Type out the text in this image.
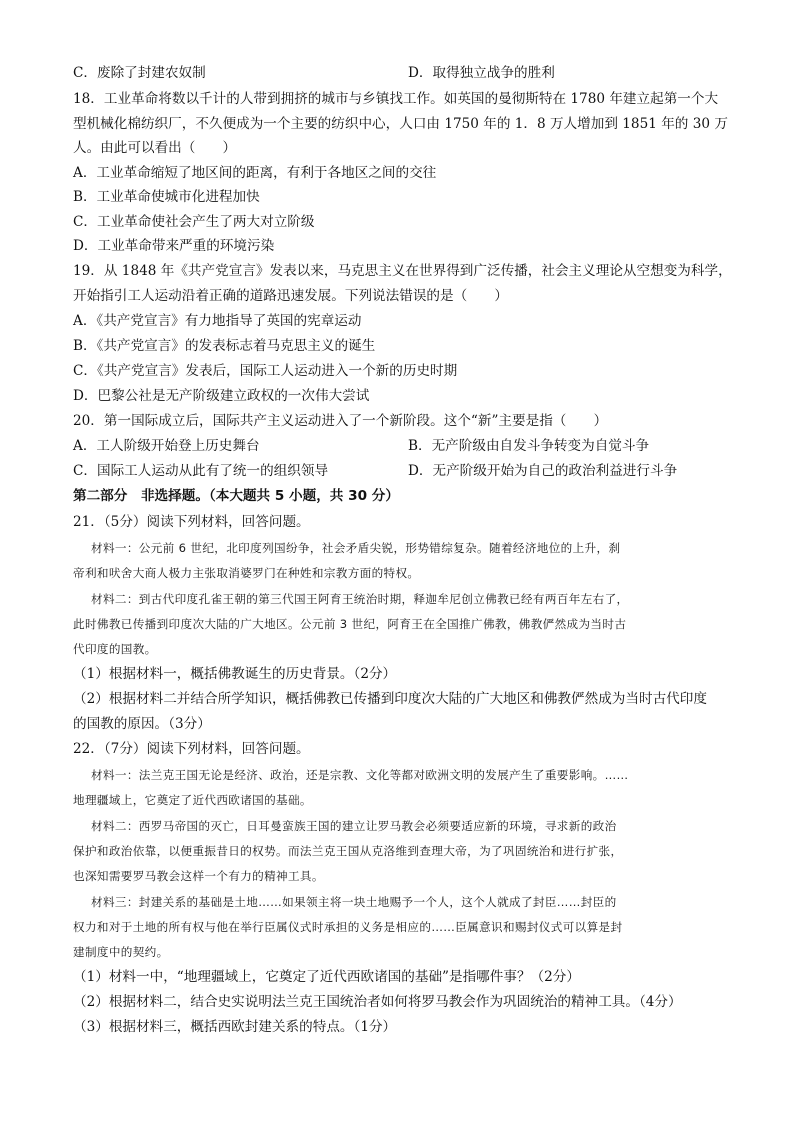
C．废除了封建农奴制	D．取得独立战争的胜利
18．工业革命将数以千计的人带到拥挤的城市与乡镇找工作。如英国的曼彻斯特在 1780 年建立起第一个大
型机械化棉纺织厂，不久便成为一个主要的纺织中心，人口由 1750 年的 1．8 万人增加到 1851 年的 30 万
人。由此可以看出（　　）
A．工业革命缩短了地区间的距离，有利于各地区之间的交往
B．工业革命使城市化进程加快
C．工业革命使社会产生了两大对立阶级
D．工业革命带来严重的环境污染
19．从 1848 年《共产党宣言》发表以来，马克思主义在世界得到广泛传播，社会主义理论从空想变为科学，
开始指引工人运动沿着正确的道路迅速发展。下列说法错误的是（　　）
A．《共产党宣言》有力地指导了英国的宪章运动
B．《共产党宣言》的发表标志着马克思主义的诞生
C．《共产党宣言》发表后，国际工人运动进入一个新的历史时期
D．巴黎公社是无产阶级建立政权的一次伟大尝试
20．第一国际成立后，国际共产主义运动进入了一个新阶段。这个“新”主要是指（　　）
A．工人阶级开始登上历史舞台	B．无产阶级由自发斗争转变为自觉斗争
C．国际工人运动从此有了统一的组织领导	D．无产阶级开始为自己的政治利益进行斗争
第二部分　非选择题。（本大题共 5 小题，共 30 分）
21．（5分）阅读下列材料，回答问题。
材料一：公元前 6 世纪，北印度列国纷争，社会矛盾尖锐，形势错综复杂。随着经济地位的上升，刹
帝利和吠舍大商人极力主张取消婆罗门在种姓和宗教方面的特权。
材料二：到古代印度孔雀王朝的第三代国王阿育王统治时期，释迦牟尼创立佛教已经有两百年左右了，
此时佛教已传播到印度次大陆的广大地区。公元前 3 世纪，阿育王在全国推广佛教，佛教俨然成为当时古
代印度的国教。
（1）根据材料一，概括佛教诞生的历史背景。（2分）
（2）根据材料二并结合所学知识，概括佛教已传播到印度次大陆的广大地区和佛教俨然成为当时古代印度
的国教的原因。（3分）
22．（7分）阅读下列材料，回答问题。
材料一：法兰克王国无论是经济、政治，还是宗教、文化等都对欧洲文明的发展产生了重要影响。……
地理疆域上，它奠定了近代西欧诸国的基础。
材料二：西罗马帝国的灭亡，日耳曼蛮族王国的建立让罗马教会必须要适应新的环境，寻求新的政治
保护和政治依靠，以便重振昔日的权势。而法兰克王国从克洛维到查理大帝，为了巩固统治和进行扩张，
也深知需要罗马教会这样一个有力的精神工具。
材料三：封建关系的基础是土地……如果领主将一块土地赐予一个人，这个人就成了封臣……封臣的
权力和对于土地的所有权与他在举行臣属仪式时承担的义务是相应的……臣属意识和赐封仪式可以算是封
建制度中的契约。
（1）材料一中，“地理疆域上，它奠定了近代西欧诸国的基础”是指哪件事？（2分）
（2）根据材料二，结合史实说明法兰克王国统治者如何将罗马教会作为巩固统治的精神工具。（4分）
（3）根据材料三，概括西欧封建关系的特点。（1分）
